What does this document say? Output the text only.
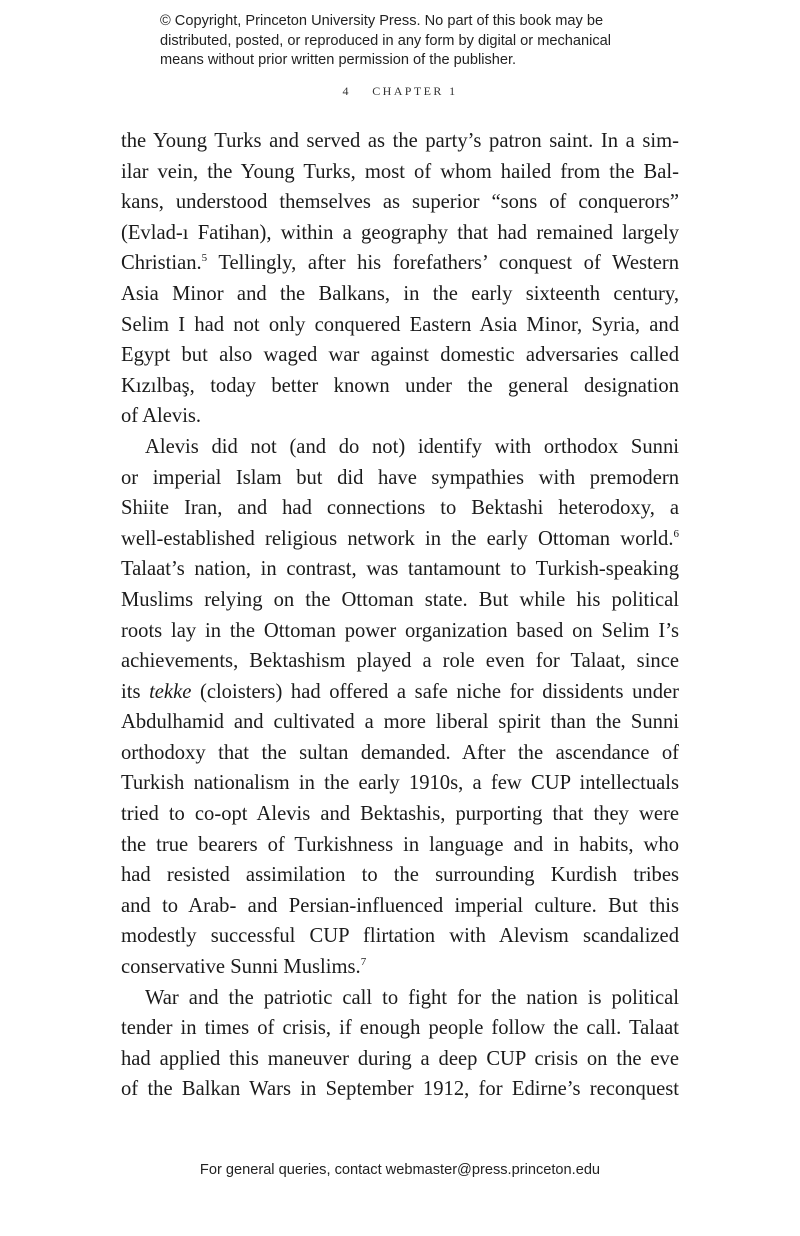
© Copyright, Princeton University Press. No part of this book may be
distributed, posted, or reproduced in any form by digital or mechanical
means without prior written permission of the publisher.
4 CHAPTER 1
the Young Turks and served as the party’s patron saint. In a sim-
ilar vein, the Young Turks, most of whom hailed from the Bal-
kans, understood themselves as superior “sons of conquerors”
(Evlad-ı Fatihan), within a geography that had remained largely
Christian.$^5$ Tellingly, after his forefathers’ conquest of Western
Asia Minor and the Balkans, in the early sixteenth century,
Selim I had not only conquered Eastern Asia Minor, Syria, and
Egypt but also waged war against domestic adversaries called
Kızılbaş, today better known under the general designation
of Alevis.
Alevis did not (and do not) identify with orthodox Sunni
or imperial Islam but did have sympathies with premodern
Shiite Iran, and had connections to Bektashi heterodoxy, a
well-established religious network in the early Ottoman world.$^6$
Talaat’s nation, in contrast, was tantamount to Turkish-speaking
Muslims relying on the Ottoman state. But while his political
roots lay in the Ottoman power organization based on Selim I’s
achievements, Bektashism played a role even for Talaat, since
its tekke (cloisters) had offered a safe niche for dissidents under
Abdulhamid and cultivated a more liberal spirit than the Sunni
orthodoxy that the sultan demanded. After the ascendance of
Turkish nationalism in the early 1910s, a few CUP intellectuals
tried to co-opt Alevis and Bektashis, purporting that they were
the true bearers of Turkishness in language and in habits, who
had resisted assimilation to the surrounding Kurdish tribes
and to Arab- and Persian-influenced imperial culture. But this
modestly successful CUP flirtation with Alevism scandalized
conservative Sunni Muslims.$^7$
War and the patriotic call to fight for the nation is political
tender in times of crisis, if enough people follow the call. Talaat
had applied this maneuver during a deep CUP crisis on the eve
of the Balkan Wars in September 1912, for Edirne’s reconquest
For general queries, contact webmaster@press.princeton.edu
